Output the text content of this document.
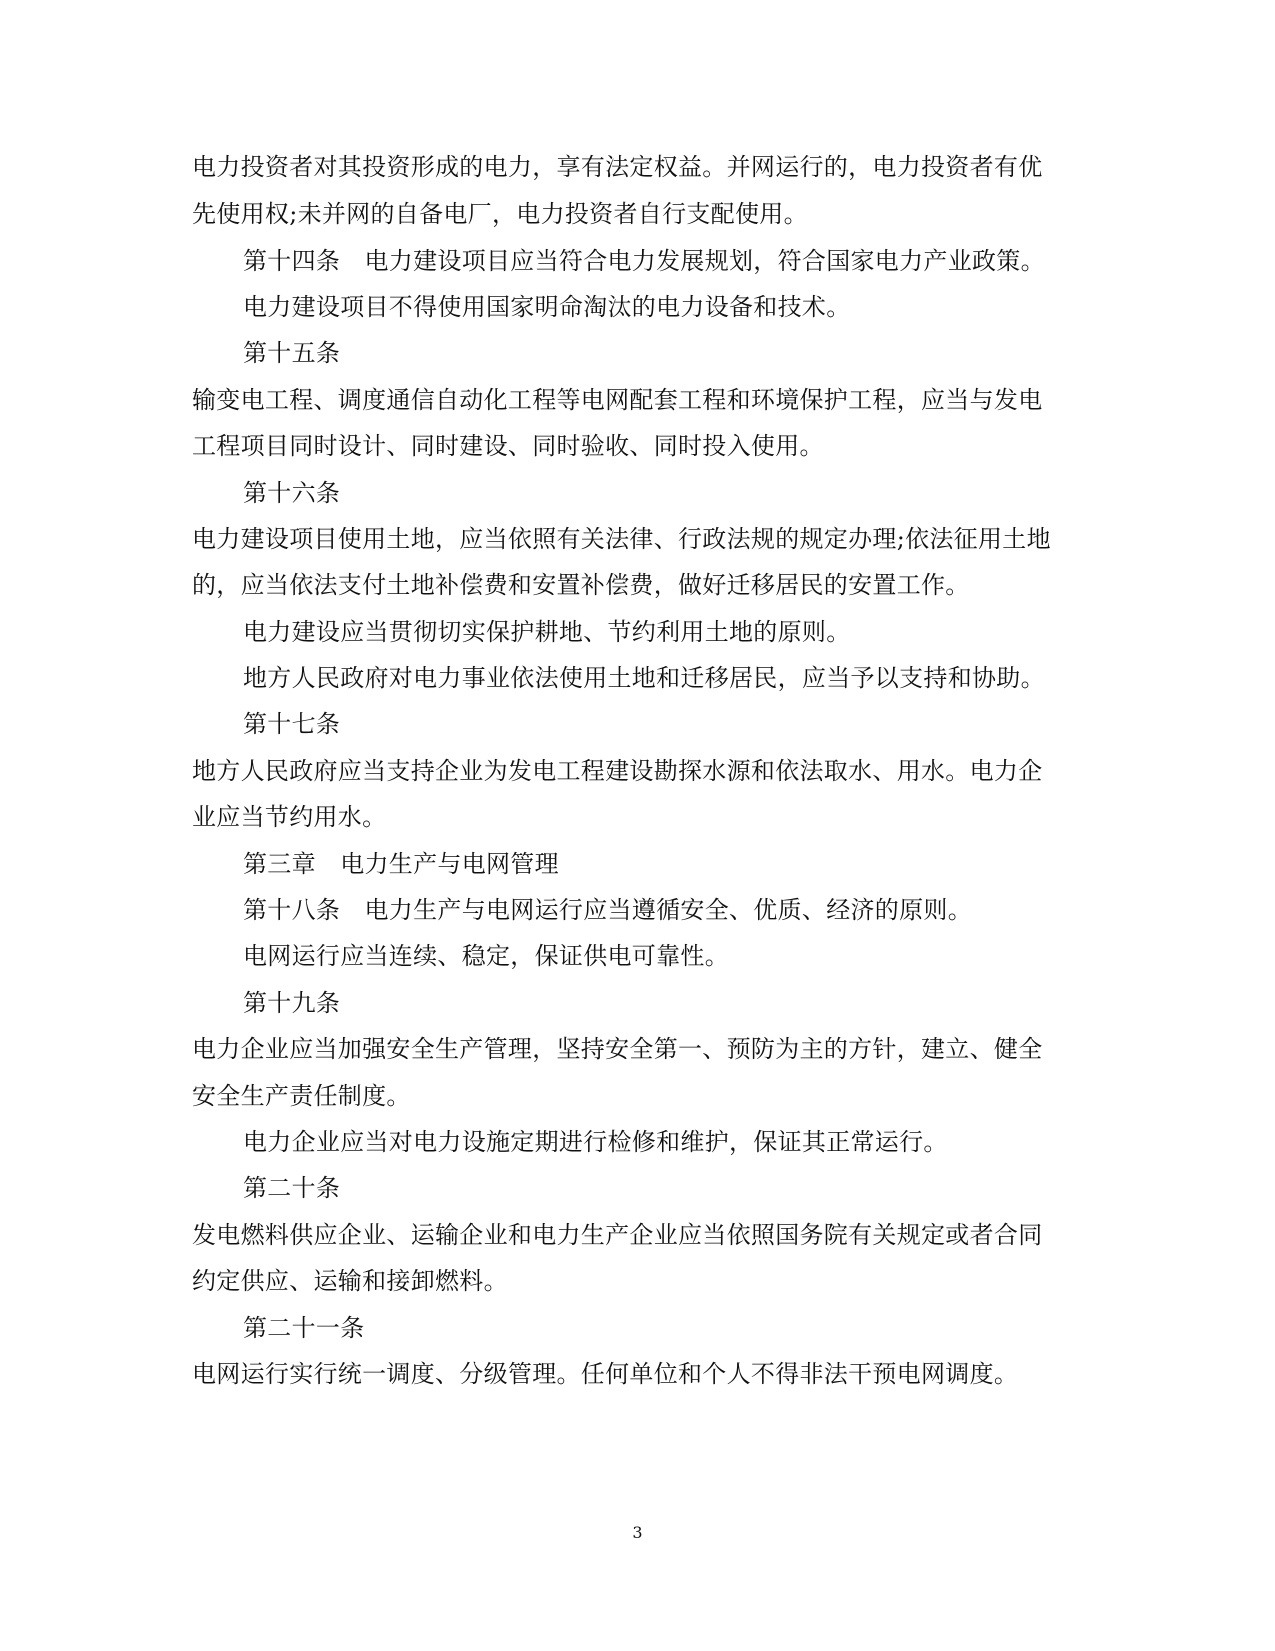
电力投资者对其投资形成的电力，享有法定权益。并网运行的，电力投资者有优
先使用权;未并网的自备电厂，电力投资者自行支配使用。
第十四条　电力建设项目应当符合电力发展规划，符合国家电力产业政策。
电力建设项目不得使用国家明命淘汰的电力设备和技术。
第十五条
输变电工程、调度通信自动化工程等电网配套工程和环境保护工程，应当与发电
工程项目同时设计、同时建设、同时验收、同时投入使用。
第十六条
电力建设项目使用土地，应当依照有关法律、行政法规的规定办理;依法征用土地
的，应当依法支付土地补偿费和安置补偿费，做好迁移居民的安置工作。
电力建设应当贯彻切实保护耕地、节约利用土地的原则。
地方人民政府对电力事业依法使用土地和迁移居民，应当予以支持和协助。
第十七条
地方人民政府应当支持企业为发电工程建设勘探水源和依法取水、用水。电力企
业应当节约用水。
第三章　电力生产与电网管理
第十八条　电力生产与电网运行应当遵循安全、优质、经济的原则。
电网运行应当连续、稳定，保证供电可靠性。
第十九条
电力企业应当加强安全生产管理，坚持安全第一、预防为主的方针，建立、健全
安全生产责任制度。
电力企业应当对电力设施定期进行检修和维护，保证其正常运行。
第二十条
发电燃料供应企业、运输企业和电力生产企业应当依照国务院有关规定或者合同
约定供应、运输和接卸燃料。
第二十一条
电网运行实行统一调度、分级管理。任何单位和个人不得非法干预电网调度。
3
